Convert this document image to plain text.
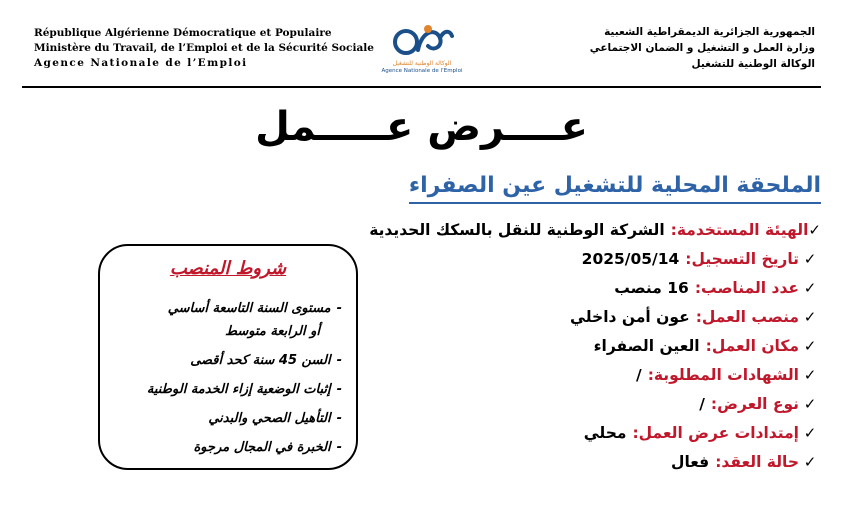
République Algérienne Démocratique et Populaire
Ministère du Travail, de l’Emploi et de la Sécurité Sociale
Agence Nationale de l’Emploi	الوكالة الوطنية للتشغيل
Agence Nationale de l’Emploi
الجمهورية الجزائرية الديمقراطية الشعبية
وزارة العمل و التشغيل و الضمان الاجتماعي
الوكالة الوطنية للتشغيل
عــــرض عـــــمل
الملحقة المحلية للتشغيل عين الصفراء
✓
الهيئة المستخدمة:
الشركة الوطنية للنقل بالسكك الحديدية
✓
تاريخ التسجيل:
2025/05/14
✓
عدد المناصب:
16 منصب
✓
منصب العمل:
عون أمن داخلي
✓
مكان العمل:
العين الصفراء
✓
الشهادات المطلوبة:
/
✓
نوع العرض:
/
✓
إمتدادات عرض العمل:
محلي
✓
حالة العقد:
فعال
شروط المنصب
-مستوى السنة التاسعة أساسي
أو الرابعة متوسط
-السن 45 سنة كحد أقصى
-إثبات الوضعية إزاء الخدمة الوطنية
-التأهيل الصحي والبدني
-الخبرة في المجال مرجوة
